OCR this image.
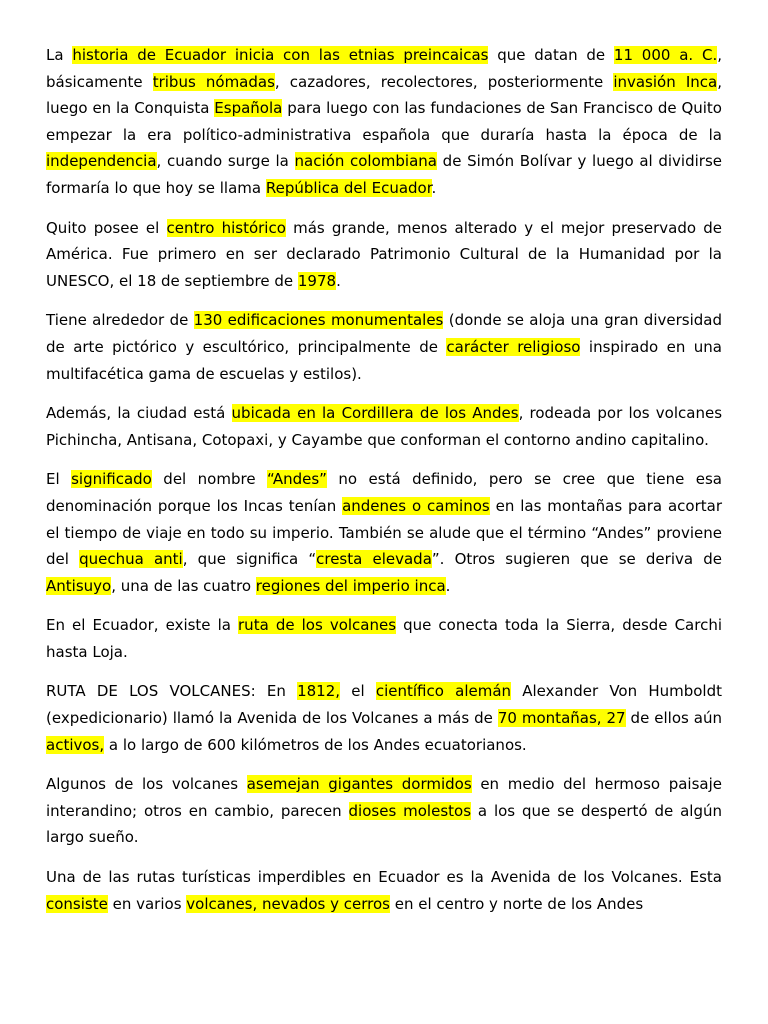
La historia de Ecuador inicia con las etnias preincaicas que datan de 11 000 a. C., básicamente tribus nómadas, cazadores, recolectores, posteriormente invasión Inca, luego en la Conquista Española para luego con las fundaciones de San Francisco de Quito empezar la era político-administrativa española que duraría hasta la época de la independencia, cuando surge la nación colombiana de Simón Bolívar y luego al dividirse formaría lo que hoy se llama República del Ecuador.

Quito posee el centro histórico más grande, menos alterado y el mejor preservado de América. Fue primero en ser declarado Patrimonio Cultural de la Humanidad por la UNESCO, el 18 de septiembre de 1978.

Tiene alrededor de 130 edificaciones monumentales (donde se aloja una gran diversidad de arte pictórico y escultórico, principalmente de carácter religioso inspirado en una multifacética gama de escuelas y estilos).

Además, la ciudad está ubicada en la Cordillera de los Andes, rodeada por los volcanes Pichincha, Antisana, Cotopaxi, y Cayambe que conforman el contorno andino capitalino.

El significado del nombre “Andes” no está definido, pero se cree que tiene esa denominación porque los Incas tenían andenes o caminos en las montañas para acortar el tiempo de viaje en todo su imperio. También se alude que el término “Andes” proviene del quechua anti, que significa “cresta elevada”. Otros sugieren que se deriva de Antisuyo, una de las cuatro regiones del imperio inca.

En el Ecuador, existe la ruta de los volcanes que conecta toda la Sierra, desde Carchi hasta Loja.

RUTA DE LOS VOLCANES: En 1812, el científico alemán Alexander Von Humboldt (expedicionario) llamó la Avenida de los Volcanes a más de 70 montañas, 27 de ellos aún activos, a lo largo de 600 kilómetros de los Andes ecuatorianos.

Algunos de los volcanes asemejan gigantes dormidos en medio del hermoso paisaje interandino; otros en cambio, parecen dioses molestos a los que se despertó de algún largo sueño.

Una de las rutas turísticas imperdibles en Ecuador es la Avenida de los Volcanes. Esta consiste en varios volcanes, nevados y cerros en el centro y norte de los Andes
